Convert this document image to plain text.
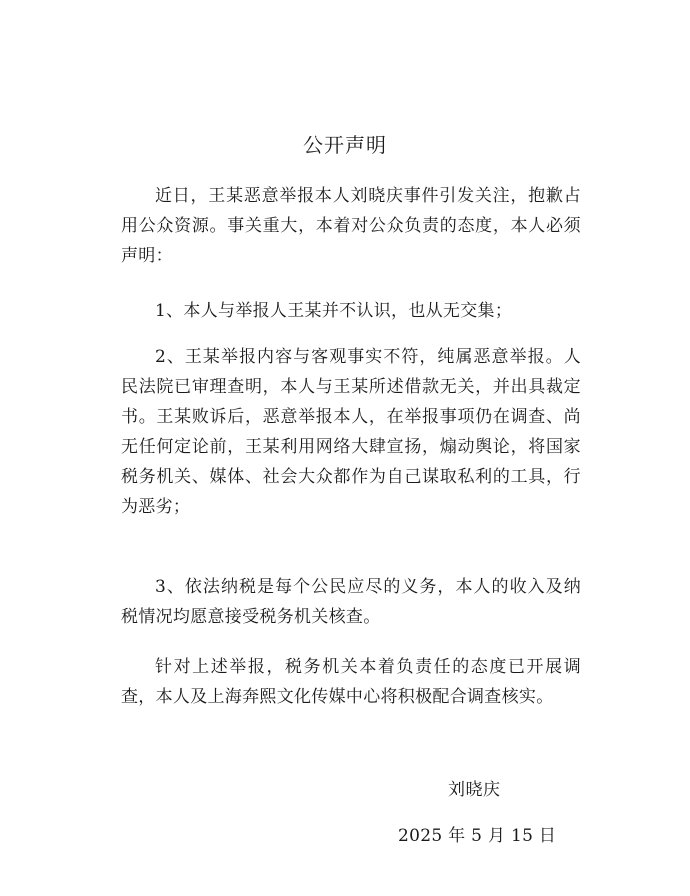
公开声明

近日，王某恶意举报本人刘晓庆事件引发关注，抱歉占用公众资源。事关重大，本着对公众负责的态度，本人必须声明：

1、本人与举报人王某并不认识，也从无交集；

2、王某举报内容与客观事实不符，纯属恶意举报。人民法院已审理查明，本人与王某所述借款无关，并出具裁定书。王某败诉后，恶意举报本人，在举报事项仍在调查、尚无任何定论前，王某利用网络大肆宣扬，煽动舆论，将国家税务机关、媒体、社会大众都作为自己谋取私利的工具，行为恶劣；

3、依法纳税是每个公民应尽的义务，本人的收入及纳税情况均愿意接受税务机关核查。

针对上述举报，税务机关本着负责任的态度已开展调查，本人及上海奔熙文化传媒中心将积极配合调查核实。

刘晓庆

2025 年 5 月 15 日
